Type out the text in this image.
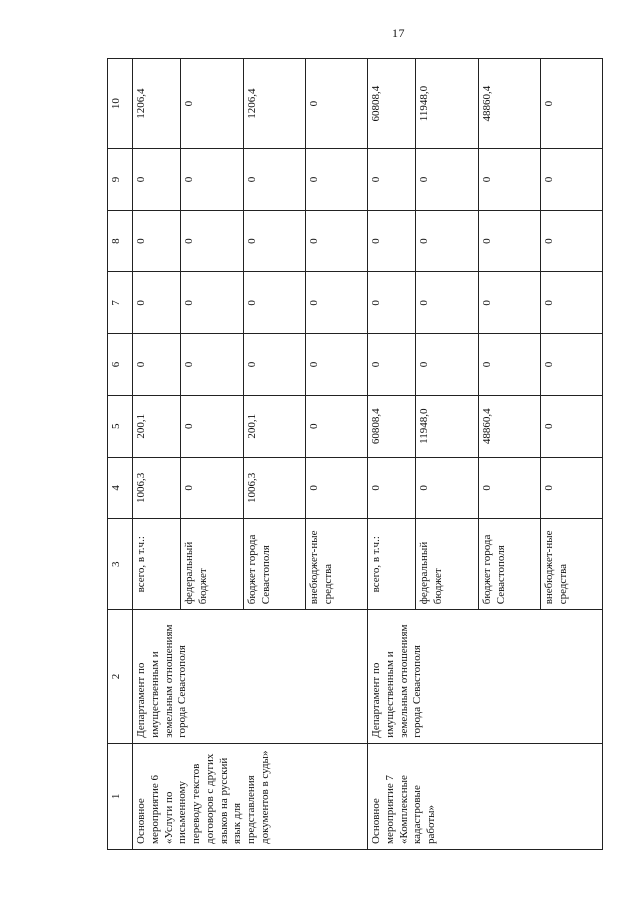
17
1	2	3	4	5	6	7	8	9	10
Основное мероприятие 6 «Услуги по письменному переводу текстов договоров с других языков на русский язык для представления документов в суды»	Департамент по имущественным и земельным отношениям города Севастополя	всего, в т.ч.:	1006,3	200,1	0	0	0	0	1206,4
		федеральный бюджет	0	0	0	0	0	0	0
		бюджет города Севастополя	1006,3	200,1	0	0	0	0	1206,4
		внебюджет-ные средства	0	0	0	0	0	0	0
Основное мероприятие 7 «Комплексные кадастровые работы»	Департамент по имущественным и земельным отношениям города Севастополя	всего, в т.ч.:	0	60808,4	0	0	0	0	60808,4
		федеральный бюджет	0	11948,0	0	0	0	0	11948,0
		бюджет города Севастополя	0	48860,4	0	0	0	0	48860,4
		внебюджет-ные средства	0	0	0	0	0	0	0
